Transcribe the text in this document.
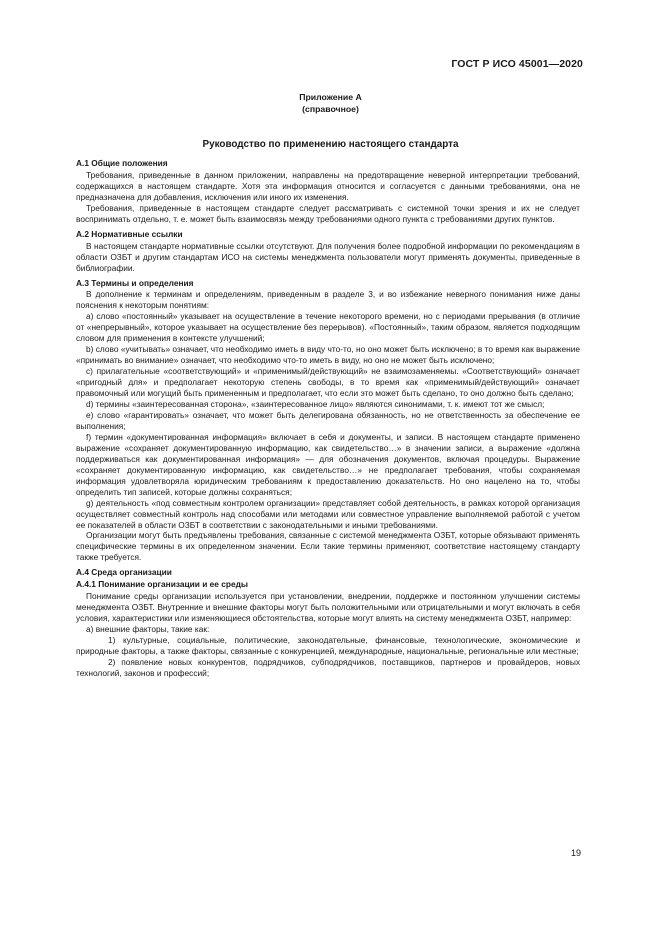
ГОСТ Р ИСО 45001—2020
Приложение А
(справочное)
Руководство по применению настоящего стандарта

А.1 Общие положения

Требования, приведенные в данном приложении, направлены на предотвращение неверной интерпретации требований, содержащихся в настоящем стандарте. Хотя эта информация относится и согласуется с данными требованиями, она не предназначена для добавления, исключения или иного их изменения.

Требования, приведенные в настоящем стандарте следует рассматривать с системной точки зрения и их не следует воспринимать отдельно, т. е. может быть взаимосвязь между требованиями одного пункта с требованиями других пунктов.

А.2 Нормативные ссылки

В настоящем стандарте нормативные ссылки отсутствуют. Для получения более подробной информации по рекомендациям в области ОЗБТ и другим стандартам ИСО на системы менеджмента пользователи могут применять документы, приведенные в библиографии.

А.3 Термины и определения

В дополнение к терминам и определениям, приведенным в разделе 3, и во избежание неверного понимания ниже даны пояснения к некоторым понятиям:

а) слово «постоянный» указывает на осуществление в течение некоторого времени, но с периодами прерывания (в отличие от «непрерывный», которое указывает на осуществление без перерывов). «Постоянный», таким образом, является подходящим словом для применения в контексте улучшений;

b) слово «учитывать» означает, что необходимо иметь в виду что-то, но оно может быть исключено; в то время как выражение «принимать во внимание» означает, что необходимо что-то иметь в виду, но оно не может быть исключено;

c) прилагательные «соответствующий» и «применимый/действующий» не взаимозаменяемы. «Соответствующий» означает «пригодный для» и предполагает некоторую степень свободы, в то время как «применимый/действующий» означает правомочный или могущий быть примененным и предполагает, что если это может быть сделано, то оно должно быть сделано;

d) термины «заинтересованная сторона», «заинтересованное лицо» являются синонимами, т. к. имеют тот же смысл;

e) слово «гарантировать» означает, что может быть делегирована обязанность, но не ответственность за обеспечение ее выполнения;

f) термин «документированная информация» включает в себя и документы, и записи. В настоящем стандарте применено выражение «сохраняет документированную информацию, как свидетельство…» в значении записи, а выражение «должна поддерживаться как документированная информация» — для обозначения документов, включая процедуры. Выражение «сохраняет документированную информацию, как свидетельство…» не предполагает требования, чтобы сохраняемая информация удовлетворяла юридическим требованиям к предоставлению доказательств. Но оно нацелено на то, чтобы определить тип записей, которые должны сохраняться;

g) деятельность «под совместным контролем организации» представляет собой деятельность, в рамках которой организация осуществляет совместный контроль над способами или методами или совместное управление выполняемой работой с учетом ее показателей в области ОЗБТ в соответствии с законодательными и иными требованиями.

Организации могут быть предъявлены требования, связанные с системой менеджмента ОЗБТ, которые обязывают применять специфические термины в их определенном значении. Если такие термины применяют, соответствие настоящему стандарту также требуется.

А.4 Среда организации

А.4.1 Понимание организации и ее среды

Понимание среды организации используется при установлении, внедрении, поддержке и постоянном улучшении системы менеджмента ОЗБТ. Внутренние и внешние факторы могут быть положительными или отрицательными и могут включать в себя условия, характеристики или изменяющиеся обстоятельства, которые могут влиять на систему менеджмента ОЗБТ, например:

а) внешние факторы, такие как:

1) культурные, социальные, политические, законодательные, финансовые, технологические, экономические и природные факторы, а также факторы, связанные с конкуренцией, международные, национальные, региональные или местные;

2) появление новых конкурентов, подрядчиков, субподрядчиков, поставщиков, партнеров и провайдеров, новых технологий, законов и профессий;

19
